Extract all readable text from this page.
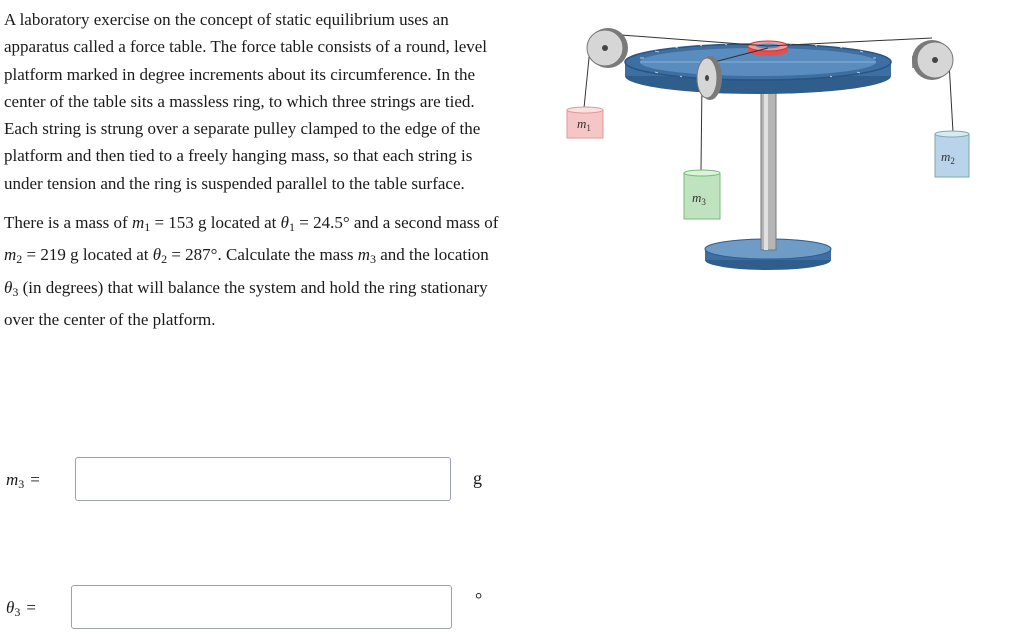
A laboratory exercise on the concept of static equilibrium uses an apparatus called a force table. The force table consists of a round, level platform marked in degree increments about its circumference. In the center of the table sits a massless ring, to which three strings are tied. Each string is strung over a separate pulley clamped to the edge of the platform and then tied to a freely hanging mass, so that each string is under tension and the ring is suspended parallel to the table surface.

There is a mass of $m_1 = 153$ g located at $\theta_1 = 24.5^\circ$ and a second mass of $m_2 = 219$ g located at $\theta_2 = 287^\circ$. Calculate the mass $m_3$ and the location $\theta_3$ (in degrees) that will balance the system and hold the ring stationary over the center of the platform.

$m_3$ =	g
$\theta_3$ =	°
$m_1$
$m_3$
$m_2$
